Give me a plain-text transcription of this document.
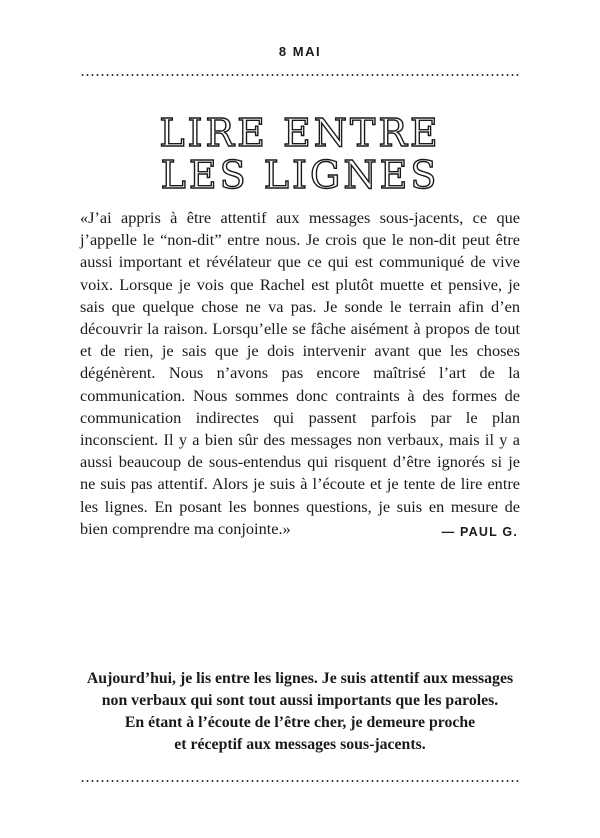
8 MAI
LIRE ENTRE
LES LIGNES

«J’ai appris à être attentif aux messages sous-jacents, ce que j’appelle le “non-dit” entre nous. Je crois que le non-dit peut être aussi important et révélateur que ce qui est communiqué de vive voix. Lorsque je vois que Rachel est plutôt muette et pensive, je sais que quelque chose ne va pas. Je sonde le terrain afin d’en découvrir la raison. Lorsqu’elle se fâche aisément à propos de tout et de rien, je sais que je dois intervenir avant que les choses dégénèrent. Nous n’avons pas encore maîtrisé l’art de la communication. Nous sommes donc contraints à des formes de communication indirectes qui passent parfois par le plan inconscient. Il y a bien sûr des messages non verbaux, mais il y a aussi beaucoup de sous-entendus qui risquent d’être ignorés si je ne suis pas attentif. Alors je suis à l’écoute et je tente de lire entre les lignes. En posant les bonnes questions, je suis en mesure de bien comprendre ma conjointe.»	— PAUL G.
Aujourd’hui, je lis entre les lignes. Je suis attentif aux messages
non verbaux qui sont tout aussi importants que les paroles.
En étant à l’écoute de l’être cher, je demeure proche
et réceptif aux messages sous-jacents.
